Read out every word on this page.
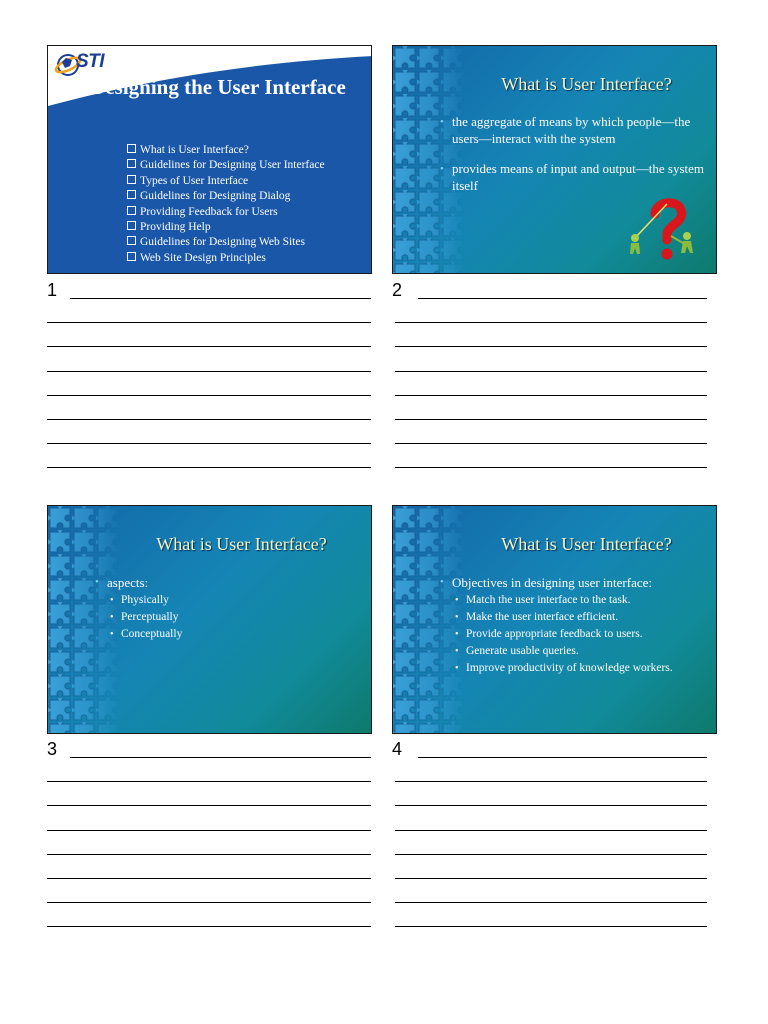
STI
Designing the User Interface
What is User Interface?
Guidelines for Designing User Interface
Types of User Interface
Guidelines for Designing Dialog
Providing Feedback for Users
Providing Help
Guidelines for Designing Web Sites
Web Site Design Principles
What is User Interface?
• the aggregate of means by which people—the users—interact with the system
• provides means of input and output—the system itself
What is User Interface?
• aspects:
• Physically
• Perceptually
• Conceptually
What is User Interface?
• Objectives in designing user interface:
• Match the user interface to the task.
• Make the user interface efficient.
• Provide appropriate feedback to users.
• Generate usable queries.
• Improve productivity of knowledge workers.
1	2
3	4
